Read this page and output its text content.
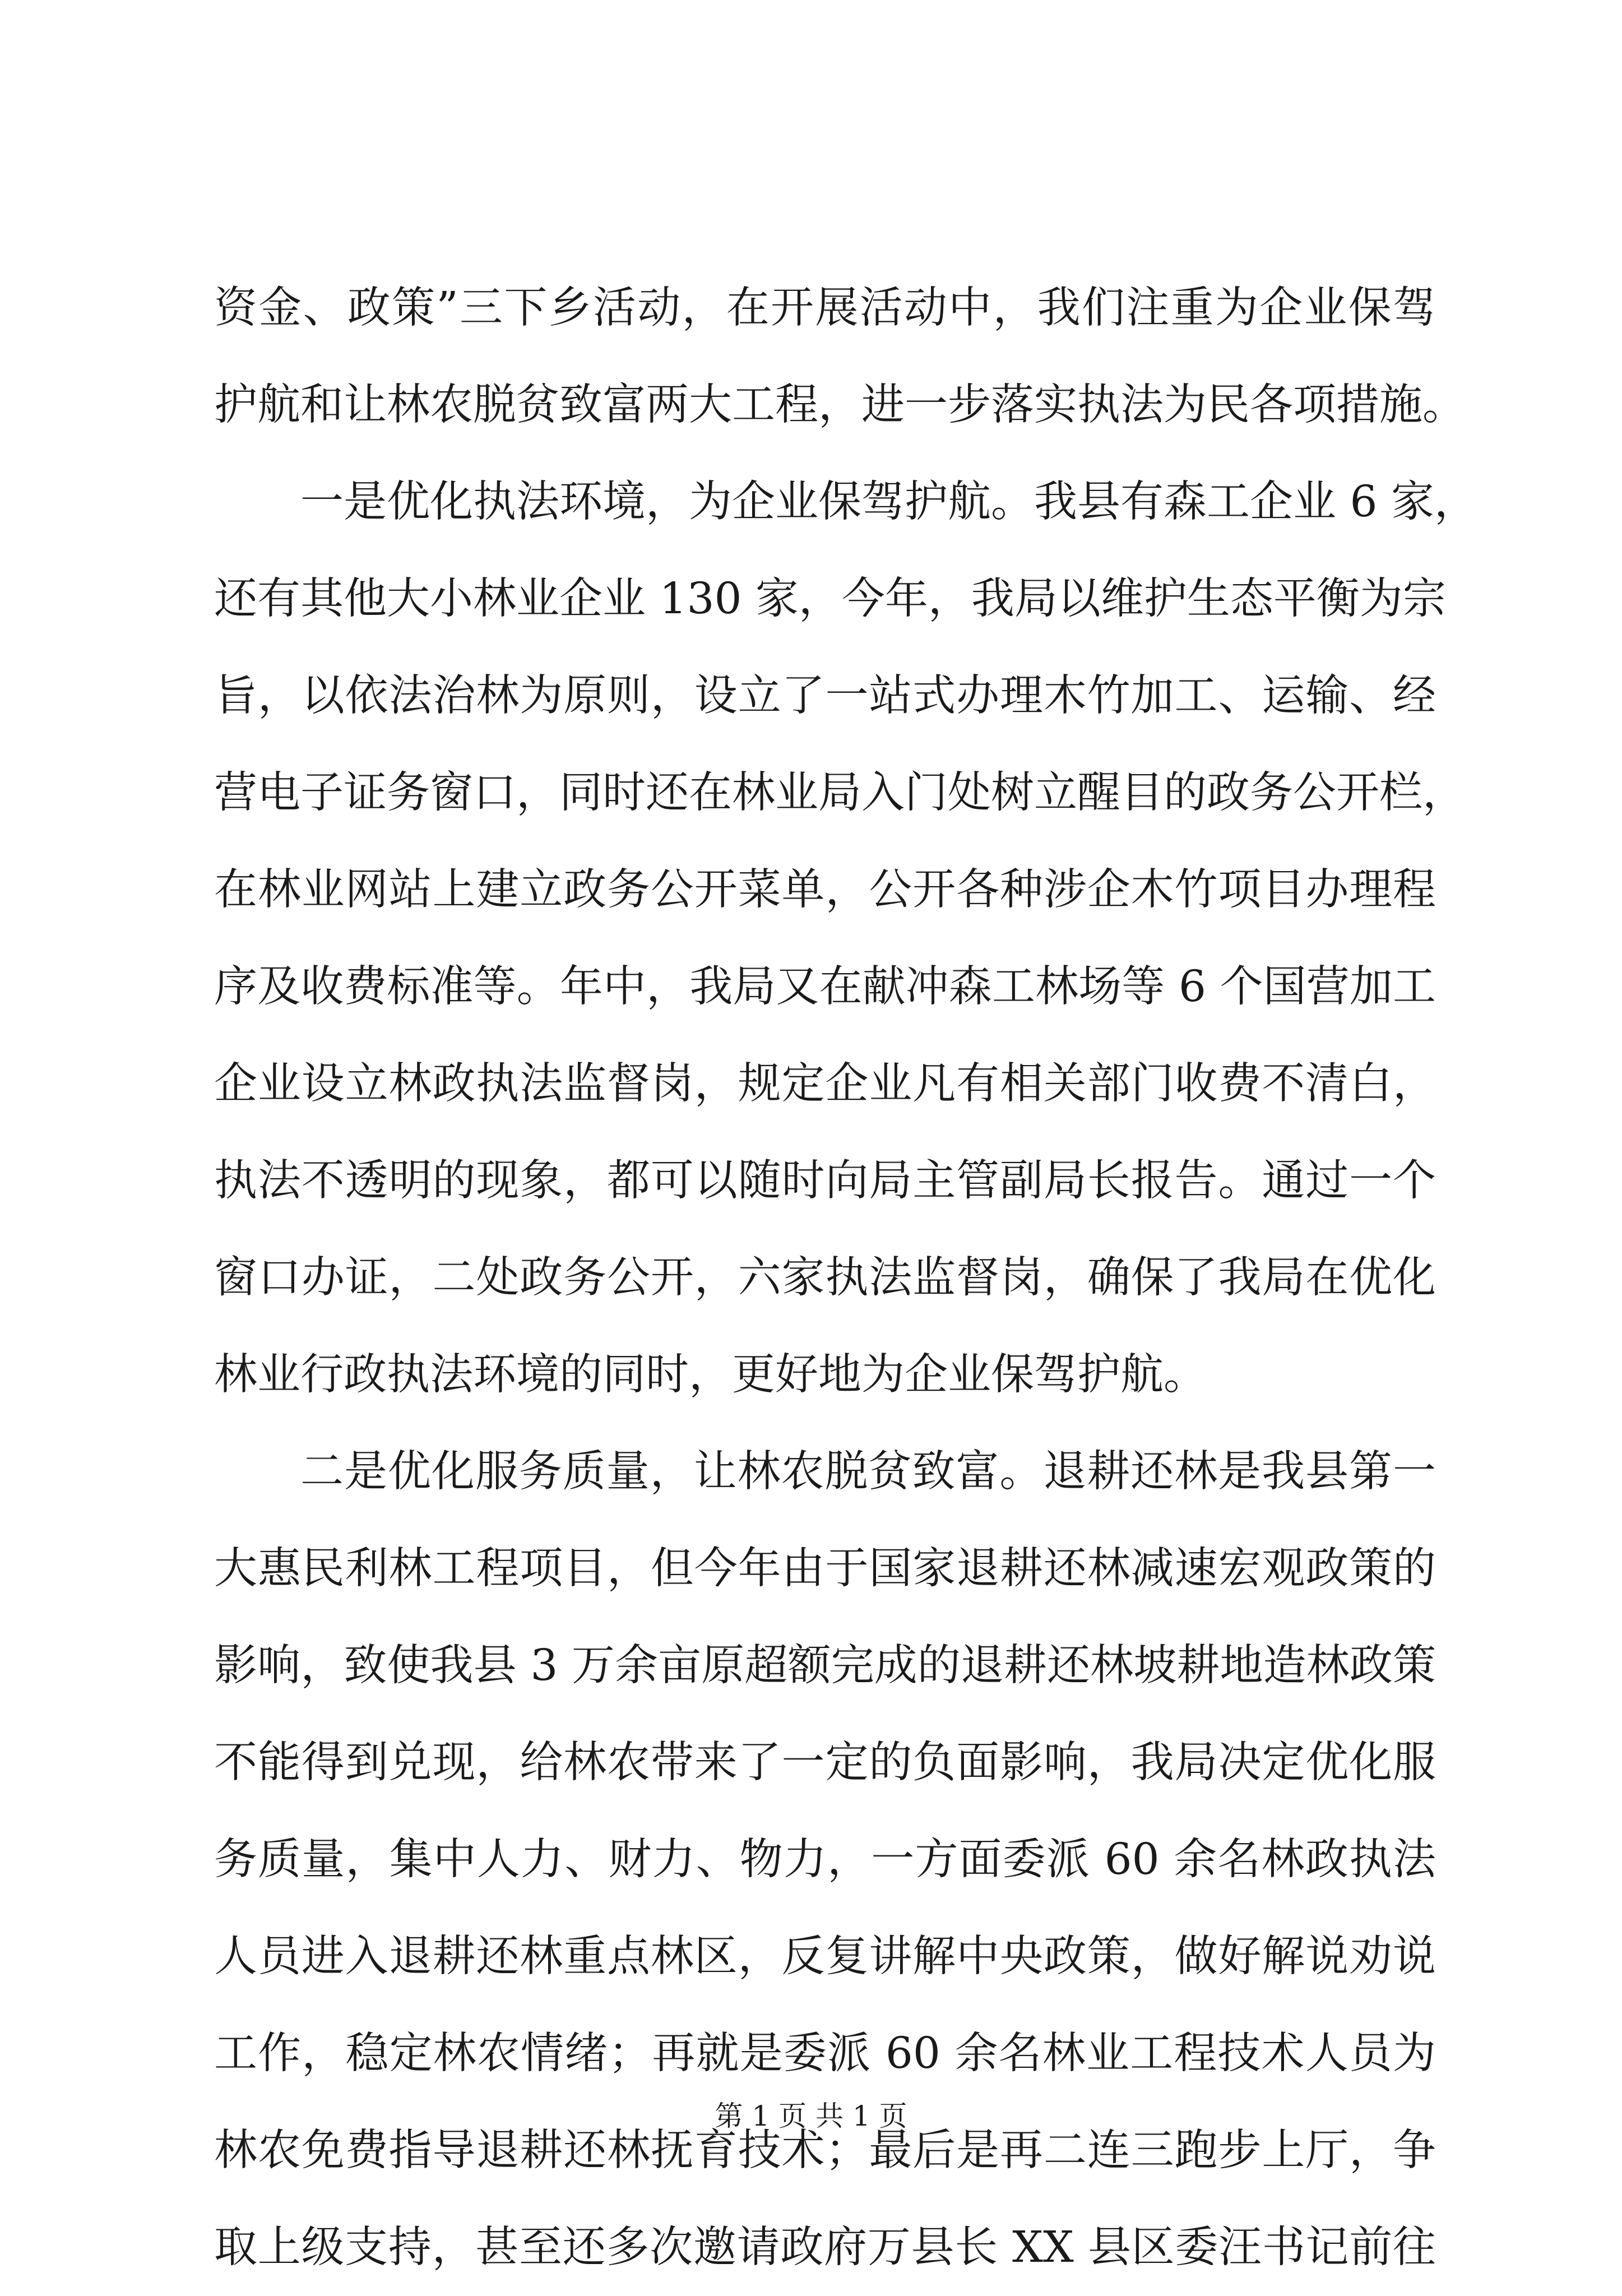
资金、政策”三下乡活动，在开展活动中，我们注重为企业保驾
护航和让林农脱贫致富两大工程，进一步落实执法为民各项措施。
一是优化执法环境，为企业保驾护航。我县有森工企业 6 家，
还有其他大小林业企业 130 家，今年，我局以维护生态平衡为宗
旨，以依法治林为原则，设立了一站式办理木竹加工、运输、经
营电子证务窗口，同时还在林业局入门处树立醒目的政务公开栏，
在林业网站上建立政务公开菜单，公开各种涉企木竹项目办理程
序及收费标准等。年中，我局又在献冲森工林场等 6 个国营加工
企业设立林政执法监督岗，规定企业凡有相关部门收费不清白，
执法不透明的现象，都可以随时向局主管副局长报告。通过一个
窗口办证，二处政务公开，六家执法监督岗，确保了我局在优化
林业行政执法环境的同时，更好地为企业保驾护航。
二是优化服务质量，让林农脱贫致富。退耕还林是我县第一
大惠民利林工程项目，但今年由于国家退耕还林减速宏观政策的
影响，致使我县 3 万余亩原超额完成的退耕还林坡耕地造林政策
不能得到兑现，给林农带来了一定的负面影响，我局决定优化服
务质量，集中人力、财力、物力，一方面委派 60 余名林政执法
人员进入退耕还林重点林区，反复讲解中央政策，做好解说劝说
工作，稳定林农情绪；再就是委派 60 余名林业工程技术人员为
林农免费指导退耕还林抚育技术；最后是再二连三跑步上厅，争
取上级支持，甚至还多次邀请政府万县长 XX 县区委汪书记前往
第 1 页 共 1 页
